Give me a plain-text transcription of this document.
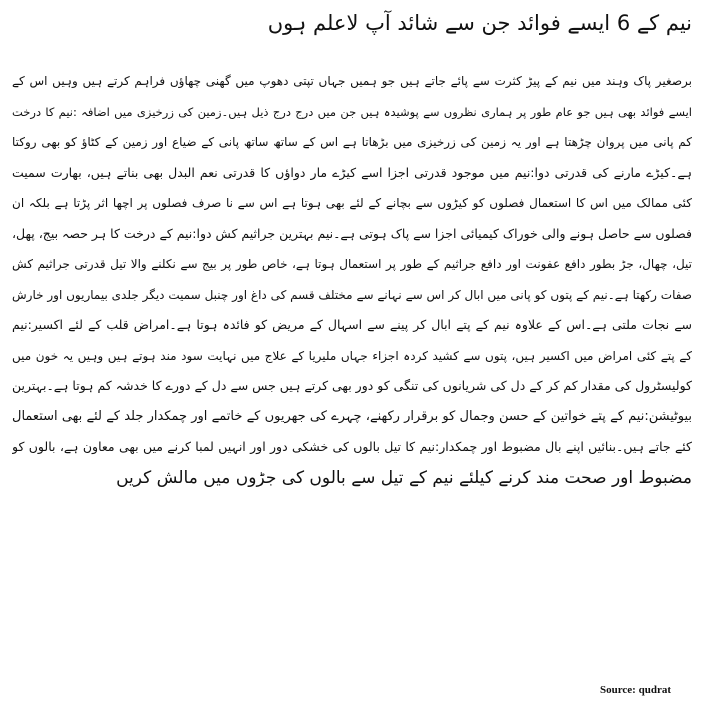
نیم کے 6 ایسے فوائد جن سے شائد آپ لاعلم ہوں
برصغیر پاک وہند میں نیم کے پیڑ کثرت سے پائے جاتے ہیں جو ہمیں جہاں تپتی دھوپ میں گھنی چھاؤں فراہم کرتے ہیں وہیں اس کے
ایسے فوائد بھی ہیں جو عام طور پر ہماری نظروں سے پوشیدہ ہیں جن میں درج درج ذیل ہیں۔زمین کی زرخیزی میں اضافہ :نیم کا درخت
کم پانی میں پروان چڑھتا ہے اور یہ زمین کی زرخیزی میں بڑھاتا ہے اس کے ساتھ ساتھ پانی کے ضیاع اور زمین کے کٹاؤ کو بھی روکتا
ہے۔کیڑے مارنے کی قدرتی دوا:نیم میں موجود قدرتی اجزا اسے کیڑے مار دواؤں کا قدرتی نعم البدل بھی بناتے ہیں، بھارت سمیت
کئی ممالک میں اس کا استعمال فصلوں کو کیڑوں سے بچانے کے لئے بھی ہوتا ہے اس سے نا صرف فصلوں پر اچھا اثر پڑتا ہے بلکہ ان
فصلوں سے حاصل ہونے والی خوراک کیمیائی اجزا سے پاک ہوتی ہے۔نیم بہترین جراثیم کش دوا:نیم کے درخت کا ہر حصہ بیج، پھل،
تیل، چھال، جڑ بطور دافع عفونت اور دافع جراثیم کے طور پر استعمال ہوتا ہے، خاص طور پر بیج سے نکلنے والا تیل قدرتی جراثیم کش
صفات رکھتا ہے۔نیم کے پتوں کو پانی میں ابال کر اس سے نہانے سے مختلف قسم کی داغ اور چنبل سمیت دیگر جلدی بیماریوں اور خارش
سے نجات ملتی ہے۔اس کے علاوہ نیم کے پتے ابال کر پینے سے اسہال کے مریض کو فائدہ ہوتا ہے۔امراض قلب کے لئے اکسیر:نیم
کے پتے کئی امراض میں اکسیر ہیں، پتوں سے کشید کردہ اجزاء جہاں ملیریا کے علاج میں نہایت سود مند ہوتے ہیں وہیں یہ خون میں
کولیسٹرول کی مقدار کم کر کے دل کی شریانوں کی تنگی کو دور بھی کرتے ہیں جس سے دل کے دورے کا خدشہ کم ہوتا ہے۔بہترین
بیوٹیشن:نیم کے پتے خواتین کے حسن وجمال کو برقرار رکھنے، چہرے کی جھریوں کے خاتمے اور چمکدار جلد کے لئے بھی استعمال
کئے جاتے ہیں۔بنائیں اپنے بال مضبوط اور چمکدار:نیم کا تیل بالوں کی خشکی دور اور انہیں لمبا کرنے میں بھی معاون ہے، بالوں کو
مضبوط اور صحت مند کرنے کیلئے نیم کے تیل سے بالوں کی جڑوں میں مالش کریں
Source: qudrat
